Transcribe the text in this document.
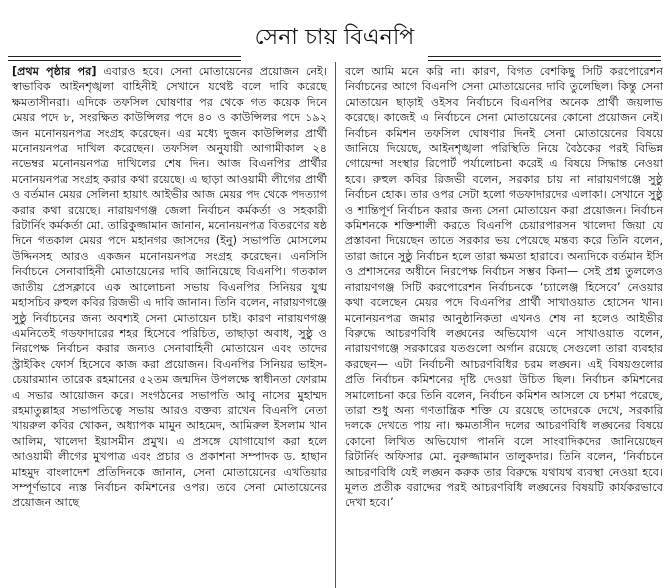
সেনা চায় বিএনপি

[প্রথম পৃষ্ঠার পর] এবারও হবে। সেনা মোতায়েনের প্রয়োজন নেই। স্বাভাবিক আইনশৃঙ্খলা বাহিনীই সেখানে যথেষ্ট বলে দাবি করেছে ক্ষমতাসীনরা। এদিকে তফসিল ঘোষণার পর থেকে গত কয়েক দিনে মেয়র পদে ৮, সংরক্ষিত কাউন্সিলর পদে ৪০ ও কাউন্সিলর পদে ১৯২ জন মনোনয়নপত্র সংগ্রহ করেছেন। এর মধ্যে দুজন কাউন্সিলর প্রার্থী মনোনয়নপত্র দাখিল করেছেন। তফসিল অনুযায়ী আগামীকাল ২৪ নভেম্বর মনোনয়নপত্র দাখিলের শেষ দিন। আজ বিএনপির প্রার্থীর মনোনয়নপত্র সংগ্রহ করার কথা রয়েছে। এ ছাড়া আওয়ামী লীগের প্রার্থী ও বর্তমান মেয়র সেলিনা হায়াৎ আইভীর আজ মেয়র পদ থেকে পদত্যাগ করার কথা রয়েছে। নারায়ণগঞ্জ জেলা নির্বাচন কর্মকর্তা ও সহকারী রিটার্নিং কর্মকর্তা মো. তারিকুজ্জামান জানান, মনোনয়নপত্র বিতরণের ষষ্ঠ দিনে গতকাল মেয়র পদে মহানগর জাসদের (ইনু) সভাপতি মোসলেম উদ্দিনসহ আরও একজন মনোনয়নপত্র সংগ্রহ করেছেন। এনসিসি নির্বাচনে সেনাবাহিনী মোতায়েনের দাবি জানিয়েছে বিএনপি। গতকাল জাতীয় প্রেসক্লাবে এক আলোচনা সভায় বিএনপির সিনিয়র যুগ্ম মহাসচিব রুহুল কবির রিজভী এ দাবি জানান। তিনি বলেন, নারায়ণগঞ্জে সুষ্ঠু নির্বাচনের জন্য অবশ্যই সেনা মোতায়েন চাই। কারণ নারায়ণগঞ্জ এমনিতেই গডফাদারের শহর হিসেবে পরিচিত, তাছাড়া অবাধ, সুষ্ঠু ও নিরপেক্ষ নির্বাচন করার জন্যও সেনাবাহিনী মোতায়েন এবং তাদের স্ট্রাইকিং ফোর্স হিসেবে কাজ করা প্রয়োজন। বিএনপির সিনিয়র ভাইস-চেয়ারম্যান তারেক রহমানের ৫২তম জন্মদিন উপলক্ষে স্বাধীনতা ফোরাম এ সভার আয়োজন করে। সংগঠনের সভাপতি আবু নাসের মুহাম্মদ রহমাতুল্লাহর সভাপতিত্বে সভায় আরও বক্তব্য রাখেন বিএনপি নেতা খায়রুল কবির খোকন, অধ্যাপক মামুন আহমেদ, আমিরুল ইসলাম খান আলিম, খালেদা ইয়াসমীন প্রমুখ। এ প্রসঙ্গে যোগাযোগ করা হলে আওয়ামী লীগের মুখপাত্র এবং প্রচার ও প্রকাশনা সম্পাদক ড. হাছান মাহমুদ বাংলাদেশ প্রতিদিনকে জানান, সেনা মোতায়েনের এখতিয়ার সম্পূর্ণভাবে ন্যস্ত নির্বাচন কমিশনের ওপর। তবে সেনা মোতায়েনের প্রয়োজন আছে

বলে আমি মনে করি না। কারণ, বিগত বেশকিছু সিটি করপোরেশন নির্বাচনের আগে বিএনপি সেনা মোতায়েনের দাবি তুলেছিল। কিন্তু সেনা মোতায়েন ছাড়াই ওইসব নির্বাচনে বিএনপির অনেক প্রার্থী জয়লাভ করেছে। কাজেই এ নির্বাচনে সেনা মোতায়েনের কোনো প্রয়োজন নেই। নির্বাচন কমিশন তফসিল ঘোষণার দিনই সেনা মোতায়েনের বিষয়ে জানিয়ে দিয়েছে, আইনশৃঙ্খলা পরিস্থিতি নিয়ে বৈঠকের পরই বিভিন্ন গোয়েন্দা সংস্থার রিপোর্ট পর্যালোচনা করেই এ বিষয়ে সিদ্ধান্ত নেওয়া হবে। রুহুল কবির রিজভী বলেন, সরকার চায় না নারায়ণগঞ্জে সুষ্ঠু নির্বাচন হোক। তার ওপর সেটা হলো গডফাদারদের এলাকা। সেখানে সুষ্ঠু ও শান্তিপূর্ণ নির্বাচন করার জন্য সেনা মোতায়েন করা প্রয়োজন। নির্বাচন কমিশনকে শক্তিশালী করতে বিএনপি চেয়ারপারসন খালেদা জিয়া যে প্রস্তাবনা দিয়েছেন তাতে সরকার ভয় পেয়েছে মন্তব্য করে তিনি বলেন, তারা জানে সুষ্ঠু নির্বাচন হলে তারা ক্ষমতা হারাবে। অন্যদিকে বর্তমান ইসি ও প্রশাসনের অধীনে নিরপেক্ষ নির্বাচন সম্ভব কিনা— সেই প্রশ্ন তুললেও নারায়ণগঞ্জ সিটি করপোরেশন নির্বাচনকে ‘চ্যালেঞ্জ হিসেবে’ নেওয়ার কথা বলেছেন মেয়র পদে বিএনপির প্রার্থী সাখাওয়াত হোসেন খান। মনোনয়নপত্র জমার আনুষ্ঠানিকতা এখনও শেষ না হলেও আইভীর বিরুদ্ধে আচরণবিধি লঙ্ঘনের অভিযোগ এনে সাখাওয়াত বলেন, নারায়ণগঞ্জে সরকারের যতগুলো অর্গান রয়েছে সেগুলো তারা ব্যবহার করছেন— এটা নির্বাচনী আচরণবিধির চরম লঙ্ঘন। এই বিষয়গুলোর প্রতি নির্বাচন কমিশনের দৃষ্টি দেওয়া উচিত ছিল। নির্বাচন কমিশনের সমালোচনা করে তিনি বলেন, নির্বাচন কমিশন আসলে যে চশমা পরেছে, তারা শুধু অন্য গণতান্ত্রিক শক্তি যে রয়েছে তাদেরকে দেখে, সরকারি দলকে দেখতে পায় না। ক্ষমতাসীন দলের আচরণবিধি লঙ্ঘনের বিষয়ে কোনো লিখিত অভিযোগ পাননি বলে সাংবাদিকদের জানিয়েছেন রিটার্নিং অফিসার মো. নুরুজ্জামান তালুকদার। তিনি বলেন, ‘নির্বাচনে আচরণবিধি যেই লঙ্ঘন করুক তার বিরুদ্ধে যথাযথ ব্যবস্থা নেওয়া হবে। মূলত প্রতীক বরাদ্দের পরই আচরণবিধি লঙ্ঘনের বিষয়টি কার্যকরভাবে দেখা হবে।’
